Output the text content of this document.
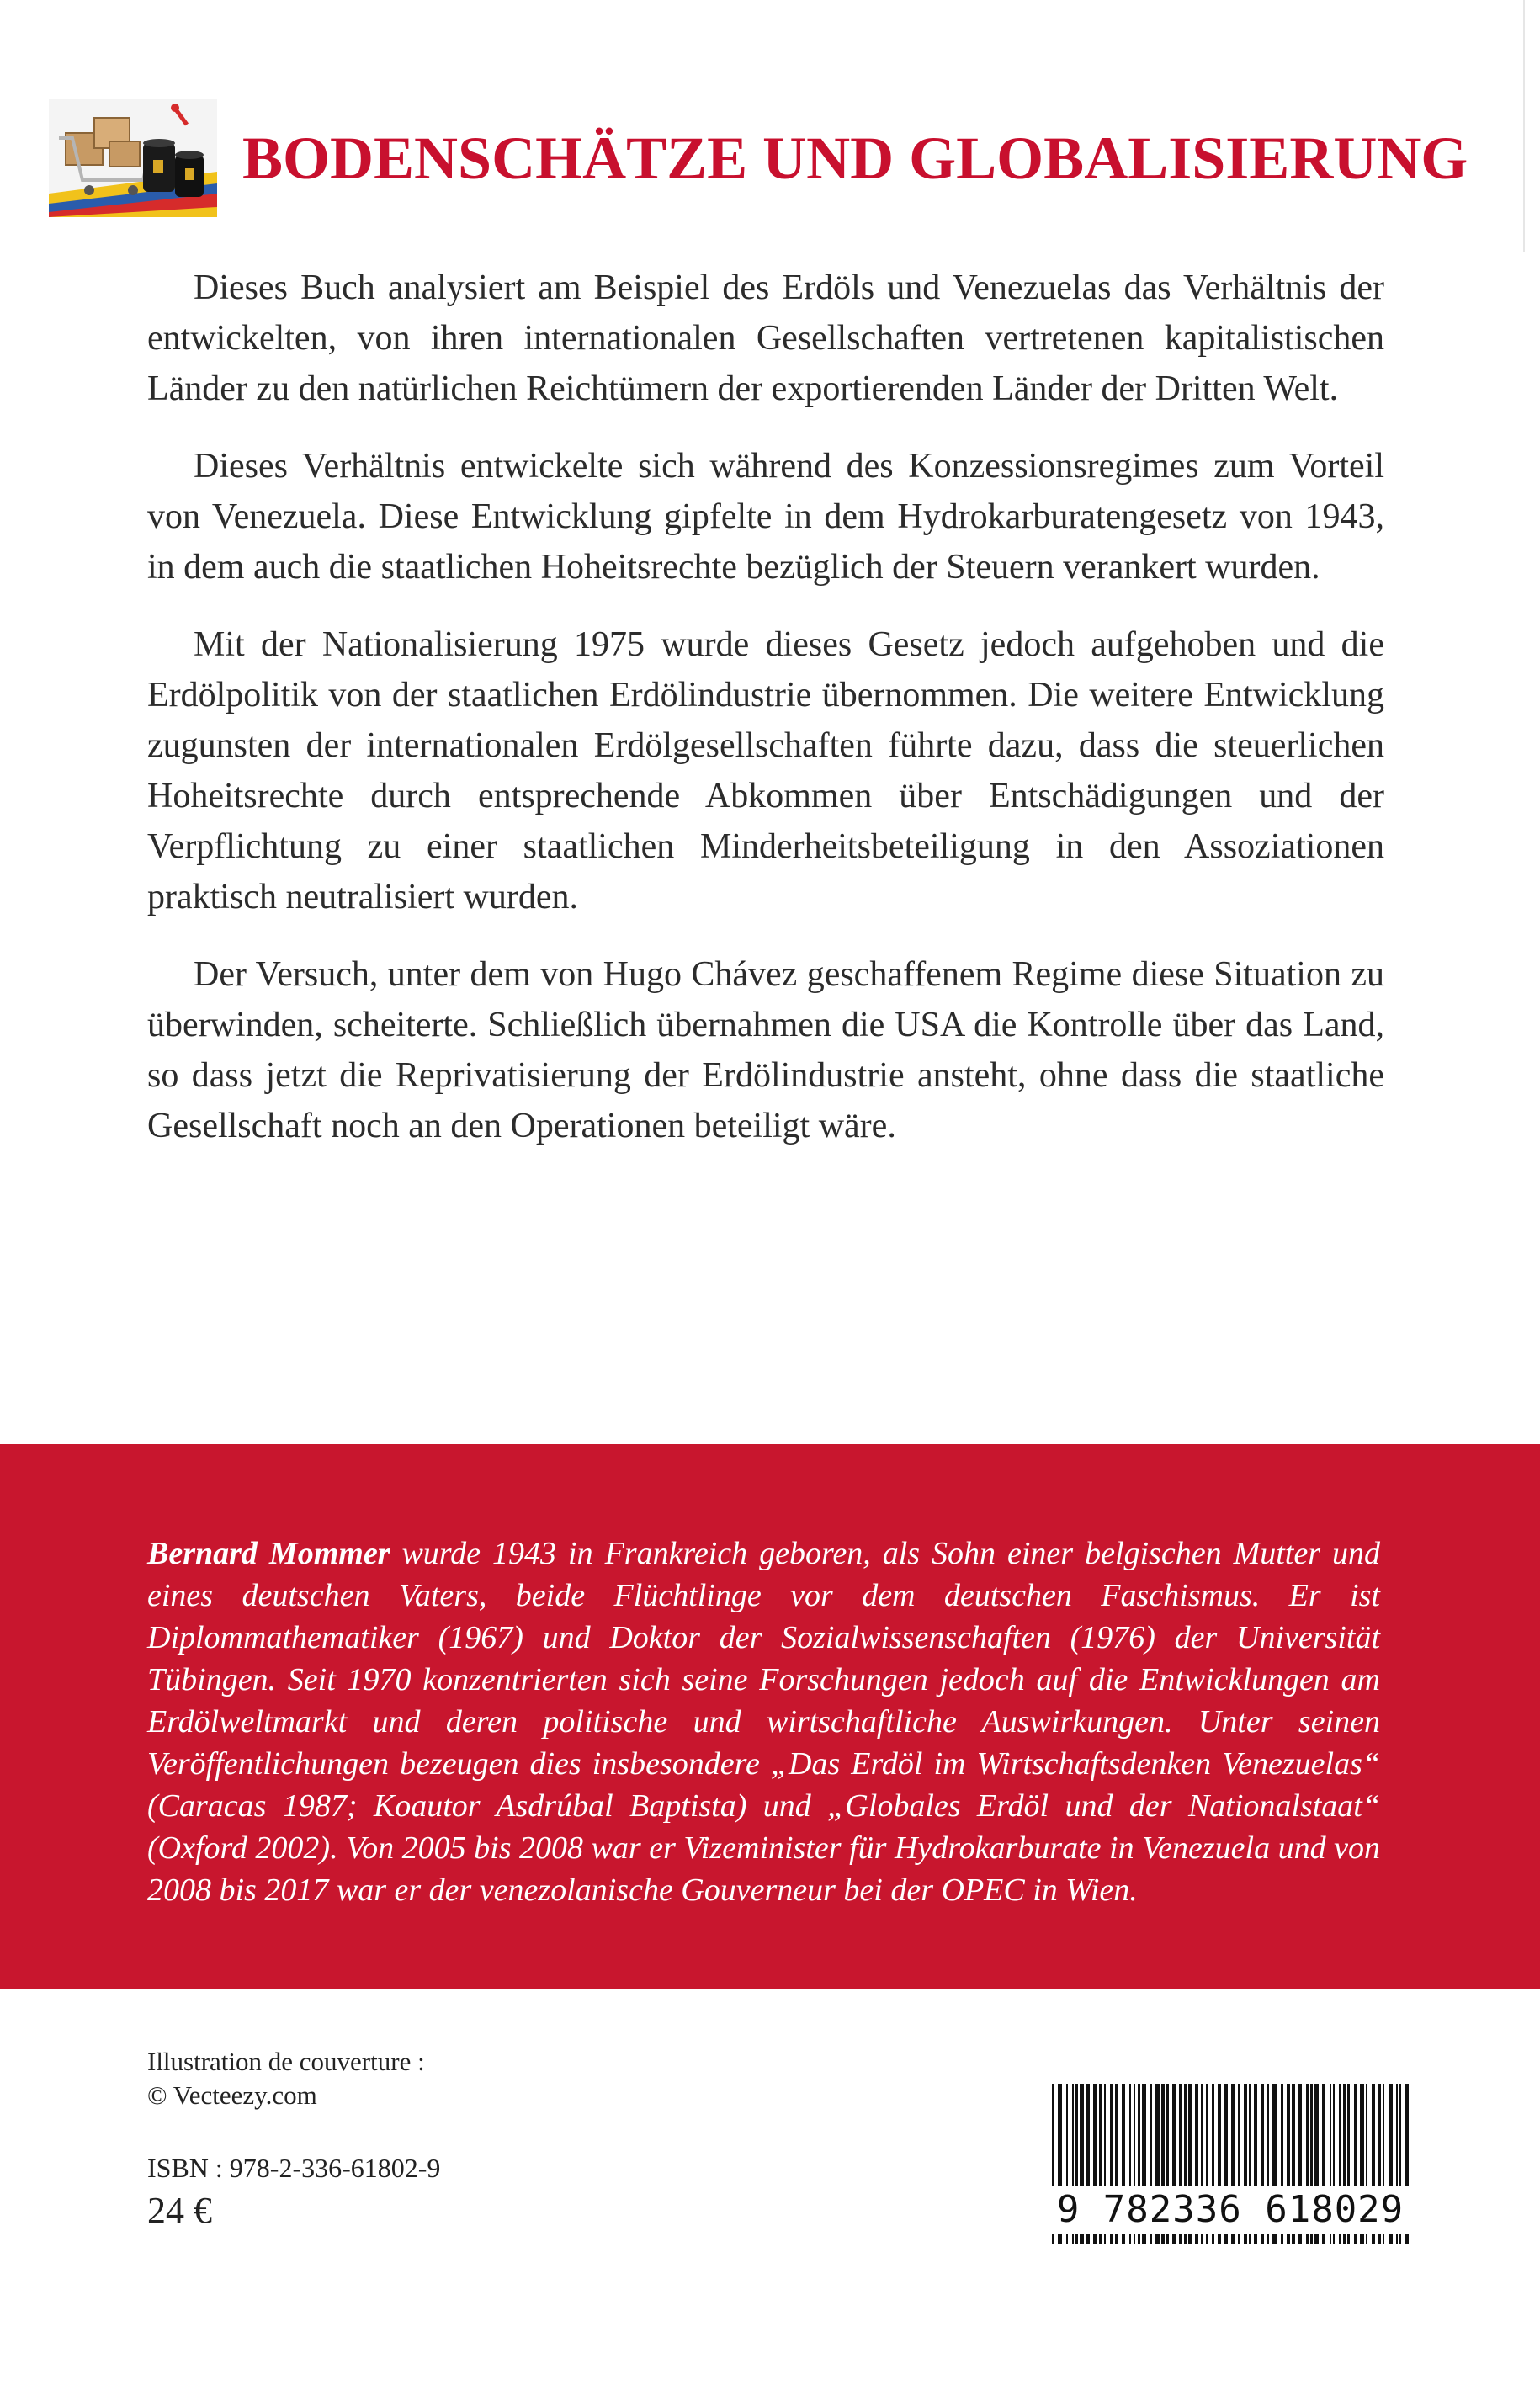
BODENSCHÄTZE UND GLOBALISIERUNG

Dieses Buch analysiert am Beispiel des Erdöls und Venezuelas das Verhältnis der entwickelten, von ihren internationalen Gesellschaften vertretenen kapitalistischen Länder zu den natürlichen Reichtümern der exportierenden Länder der Dritten Welt.

Dieses Verhältnis entwickelte sich während des Konzessionsregimes zum Vorteil von Venezuela. Diese Entwicklung gipfelte in dem Hydrokarburatengesetz von 1943, in dem auch die staatlichen Hoheitsrechte bezüglich der Steuern verankert wurden.

Mit der Nationalisierung 1975 wurde dieses Gesetz jedoch aufgehoben und die Erdölpolitik von der staatlichen Erdölindustrie übernommen. Die weitere Entwicklung zugunsten der internationalen Erdölgesellschaften führte dazu, dass die steuerlichen Hoheitsrechte durch entsprechende Abkommen über Entschädigungen und der Verpflichtung zu einer staatlichen Minderheitsbeteiligung in den Assoziationen praktisch neutralisiert wurden.

Der Versuch, unter dem von Hugo Chávez geschaffenem Regime diese Situation zu überwinden, scheiterte. Schließlich übernahmen die USA die Kontrolle über das Land, so dass jetzt die Reprivatisierung der Erdölindustrie ansteht, ohne dass die staatliche Gesellschaft noch an den Operationen beteiligt wäre.

Bernard Mommer wurde 1943 in Frankreich geboren, als Sohn einer belgischen Mutter und eines deutschen Vaters, beide Flüchtlinge vor dem deutschen Faschismus. Er ist Diplommathematiker (1967) und Doktor der Sozialwissenschaften (1976) der Universität Tübingen. Seit 1970 konzentrierten sich seine Forschungen jedoch auf die Entwicklungen am Erdölweltmarkt und deren politische und wirtschaftliche Auswirkungen. Unter seinen Veröffentlichungen bezeugen dies insbesondere „Das Erdöl im Wirtschaftsdenken Venezuelas“ (Caracas 1987; Koautor Asdrúbal Baptista) und „Globales Erdöl und der Nationalstaat“ (Oxford 2002). Von 2005 bis 2008 war er Vizeminister für Hydrokarburate in Venezuela und von 2008 bis 2017 war er der venezolanische Gouverneur bei der OPEC in Wien.

Illustration de couverture :
© Vecteezy.com
ISBN : 978-2-336-61802-9
24 €	9 782336 618029
